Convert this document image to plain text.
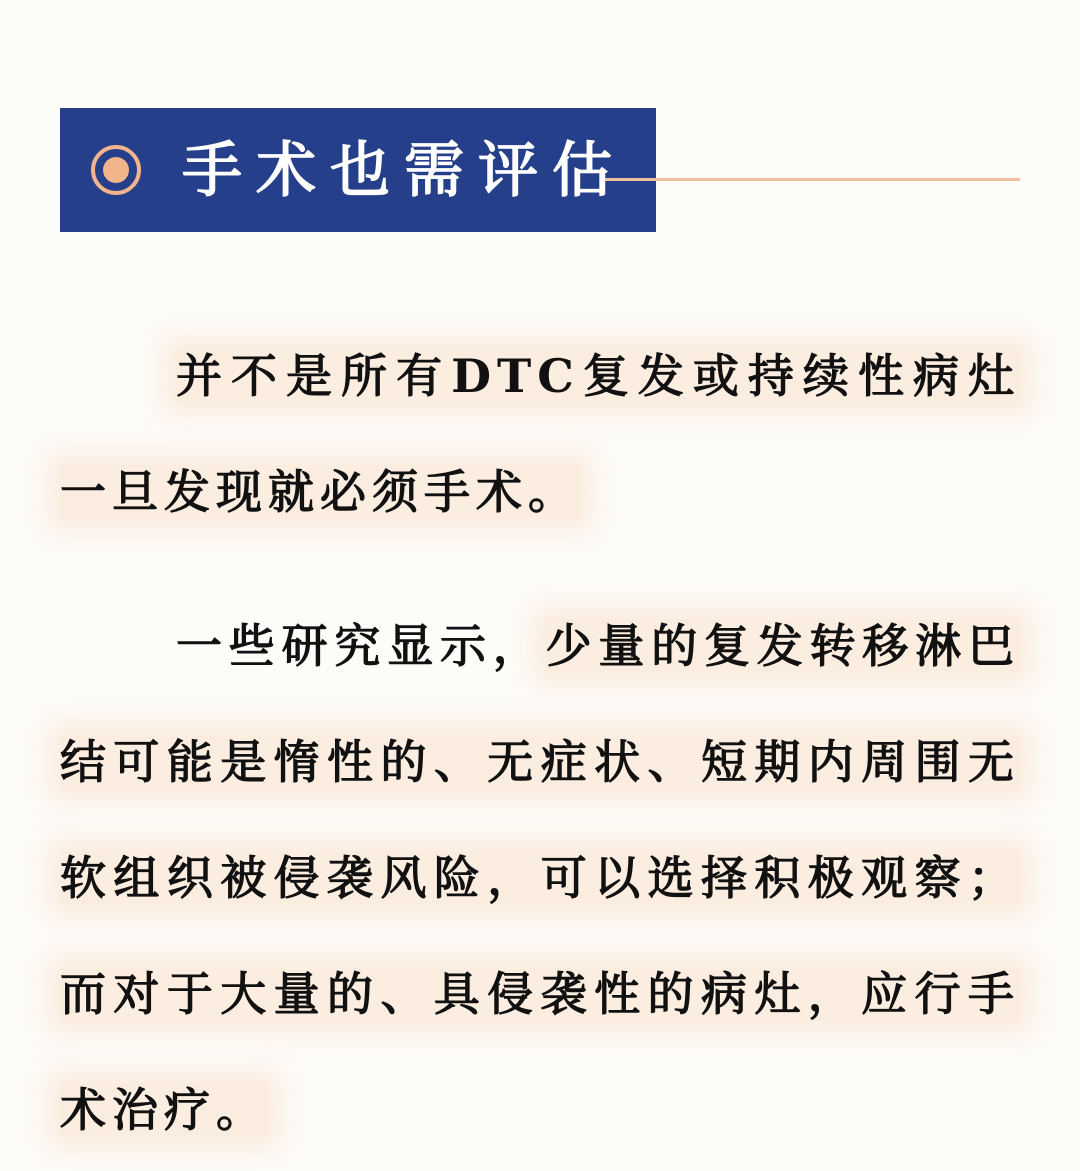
手术也需评估

并不是所有DTC复发或持续性病灶一旦发现就必须手术。

一些研究显示，少量的复发转移淋巴结可能是惰性的、无症状、短期内周围无软组织被侵袭风险，可以选择积极观察；而对于大量的、具侵袭性的病灶，应行手术治疗。
